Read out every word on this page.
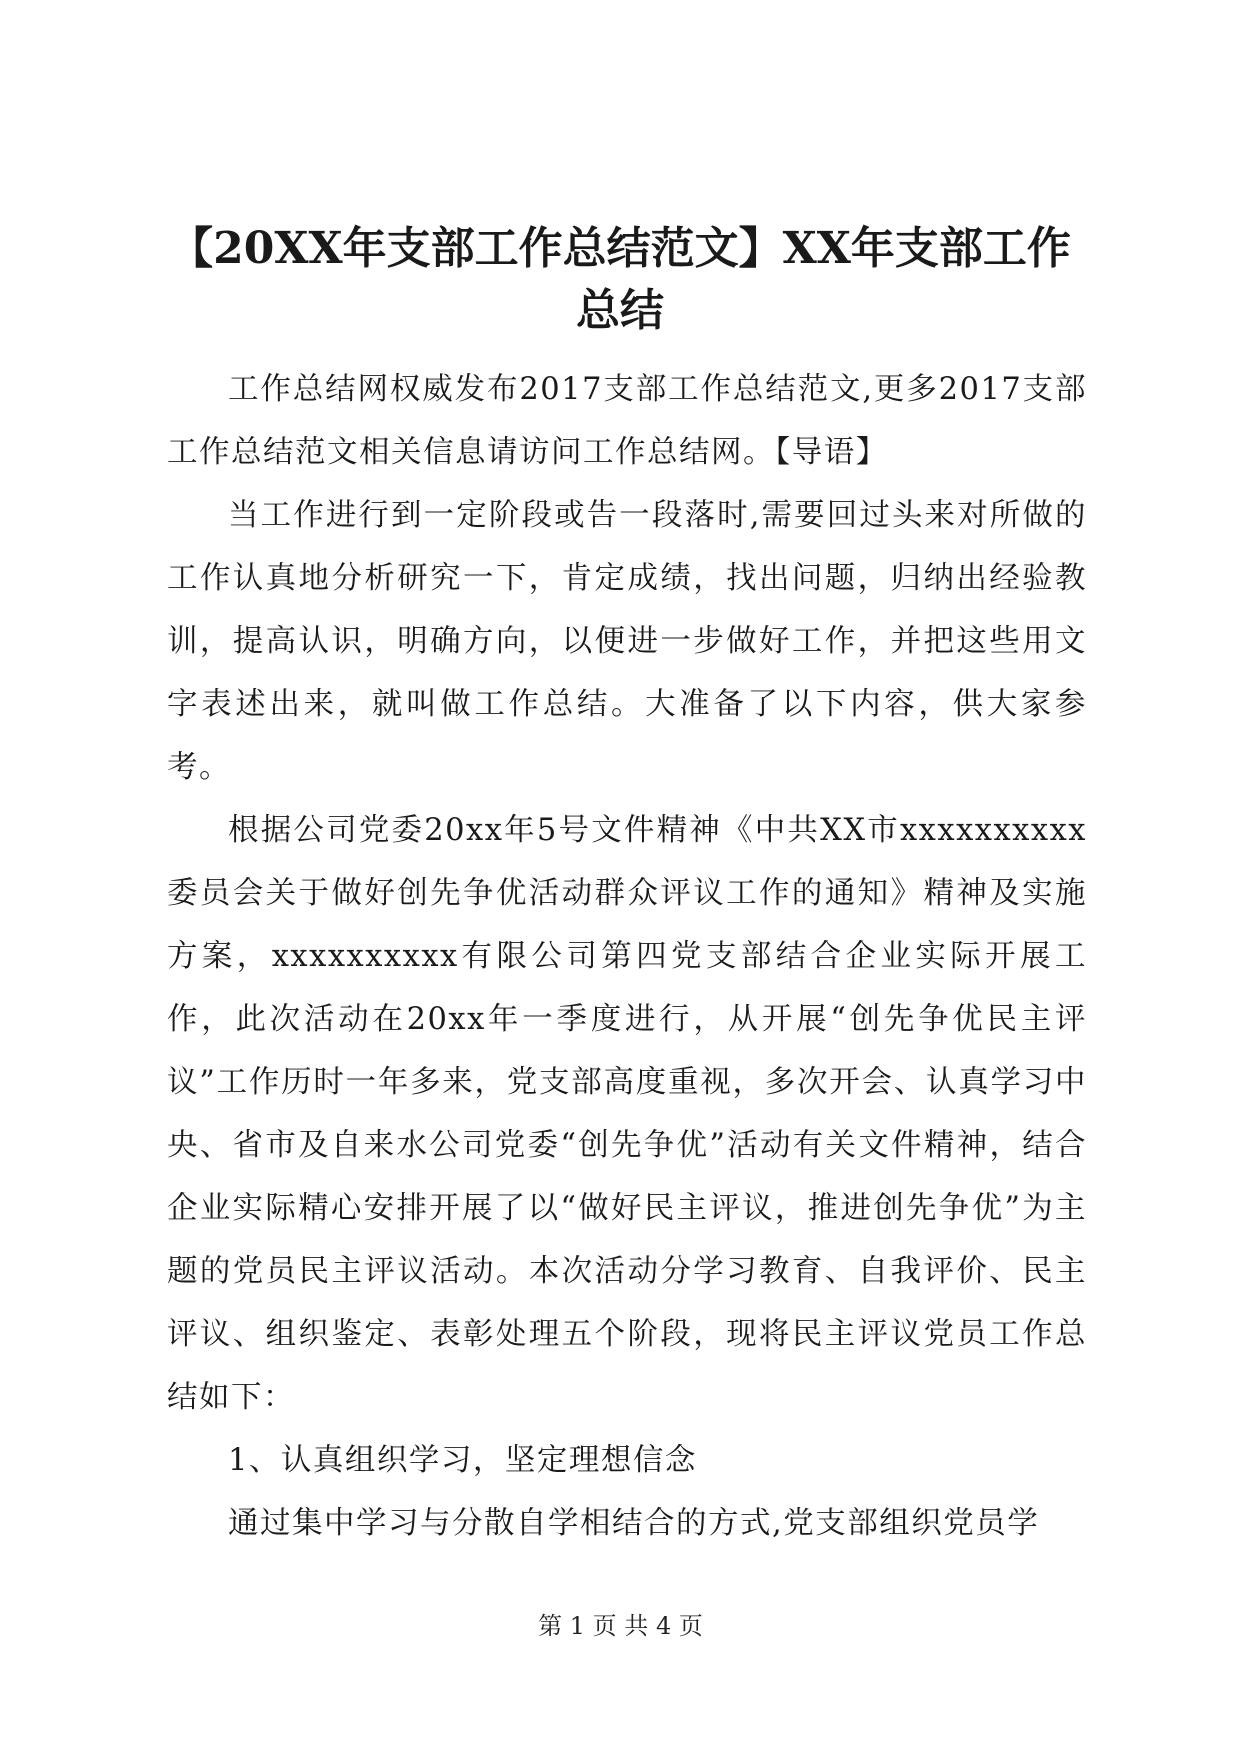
【20XX年支部工作总结范文】XX年支部工作
总结

工作总结网权威发布2017支部工作总结范文,更多2017支部工作总结范文相关信息请访问工作总结网。【导语】

当工作进行到一定阶段或告一段落时,需要回过头来对所做的工作认真地分析研究一下，肯定成绩，找出问题，归纳出经验教训，提高认识，明确方向，以便进一步做好工作，并把这些用文字表述出来，就叫做工作总结。大准备了以下内容，供大家参考。

根据公司党委20xx年5号文件精神《中共XX市xxxxxxxxxx委员会关于做好创先争优活动群众评议工作的通知》精神及实施方案，xxxxxxxxxx有限公司第四党支部结合企业实际开展工作，此次活动在20xx年一季度进行，从开展“创先争优民主评议”工作历时一年多来，党支部高度重视，多次开会、认真学习中央、省市及自来水公司党委“创先争优”活动有关文件精神，结合企业实际精心安排开展了以“做好民主评议，推进创先争优”为主题的党员民主评议活动。本次活动分学习教育、自我评价、民主评议、组织鉴定、表彰处理五个阶段，现将民主评议党员工作总结如下：

1、认真组织学习，坚定理想信念

通过集中学习与分散自学相结合的方式,党支部组织党员学

第 1 页 共 4 页
